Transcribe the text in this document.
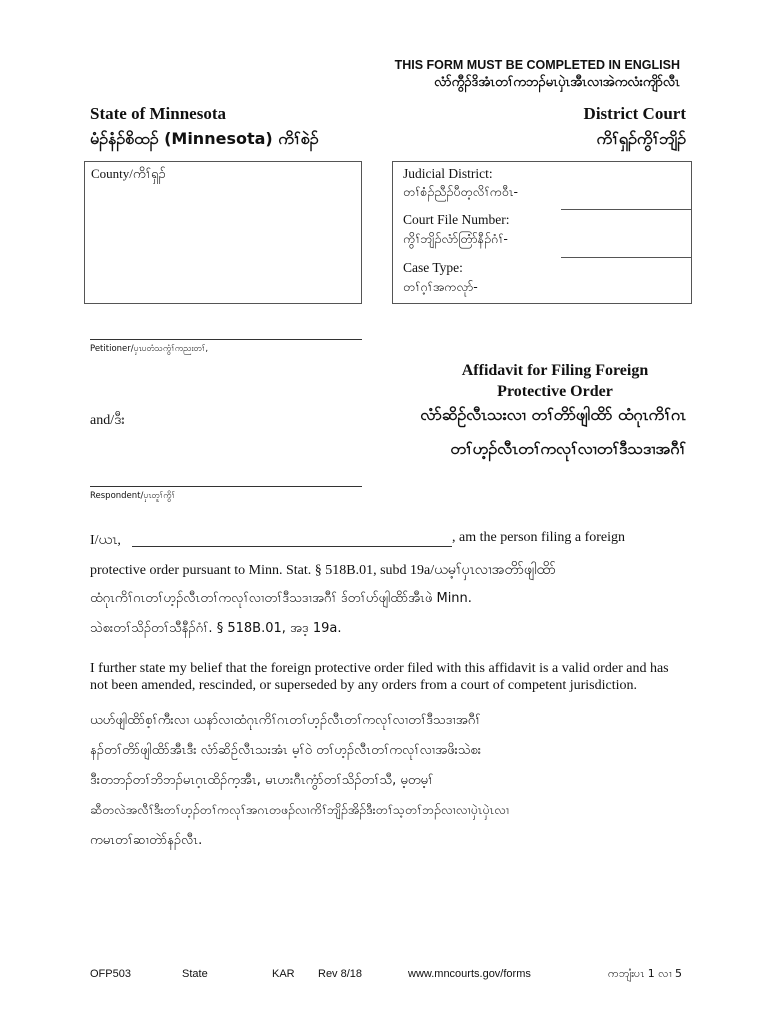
THIS FORM MUST BE COMPLETED IN ENGLISH
လံာ်ကွီၣ်ဒိအံၤတၢ်ကဘၣ်မၤပှဲၤအီၤလၢအဲကလံးကျိာ်လီၤ
State of Minnesota
မံၣ်နံၣ်စိထၣ် (Minnesota) ကိၢ်စဲၣ်
District Court
ကိၢ်ရှၣ်ကွိၢ်ဘျိၣ်
County/ကိၢ်ရှၣ်	Judicial District:
တၢ်စံၣ်ညီၣ်ပီတ့လိၢ်ကဝီၤ-
Court File Number:
ကွိၢ်ဘျိၣ်လံာ်တြံာ်နီၣ်ဂံၢ်-
Case Type:
တၢ်ဂ့ၢ်အကလုာ်-
Petitioner/ပှၤပတံသကွံၢ်ကညးတၢ်,
and/ဒီး
Respondent/ပှၤတူၢ်ကွိၢ်
Affidavit for Filing Foreign
Protective Order
လံာ်ဆိဉ်လီၤသးလၢ တၢ်တိာ်ဖျါထိာ် ထံဂုၤကိၢ်ဂၤ
တၢ်ဟ့ၣ်လီၤတၢ်ကလုၢ်လၢတၢ်ဒီသဒၢအဂီၢ်
I/ယၤ,	, am the person filing a foreign
protective order pursuant to Minn. Stat. § 518B.01, subd 19a/ယမ့ၢ်ပှၤလၢအတိာ်ဖျါထိာ်
ထံဂုၤကိၢ်ဂၤတၢ်ဟ့ၣ်လီၤတၢ်ကလုၢ်လၢတၢ်ဒီသဒၢအဂီၢ် ဒ်တၢ်ဟ်ဖျါထိာ်အီၤဖဲ Minn.
သဲစးတၢ်သိၣ်တၢ်သီနီၣ်ဂံၢ်. § 518B.01, အဒ့ 19a.
I further state my belief that the foreign protective order filed with this affidavit is a valid order and has not been amended, rescinded, or superseded by any orders from a court of competent jurisdiction.
ယဟ်ဖျါထိာ်စ့ၢ်ကီးလၢ ယနာ်လၢထံဂုၤကိၢ်ဂၤတၢ်ဟ့ၣ်လီၤတၢ်ကလုၢ်လၢတၢ်ဒီသဒၢအဂီၢ်
နၣ်တၢ်တိာ်ဖျါထိာ်အီၤဒီး လံာ်ဆိဉ်လီၤသးအံၤ မ့ၢ်ဝဲ တၢ်ဟ့ၣ်လီၤတၢ်ကလုၢ်လၢအဖိးသဲစး
ဒီးတဘၣ်တၢ်ဘိဘၣ်မၤဂ့ၤထိၣ်က့အီၤ, မၤဟးဂီၤကွံာ်တၢ်သိၣ်တၢ်သီ, မ့တမ့ၢ်
ဆီတလဲအလီၢ်ဒီးတၢ်ဟ့ၣ်တၢ်ကလုၢ်အဂၤတဖၣ်လၢကိၢ်ဘျိၣ်အိၣ်ဒီးတၢ်သ့တၢ်ဘၣ်လၢလၢပှဲၤပှဲၤလၢ
ကမၤတၢ်ဆၢတဲာ်နၣ်လီၤ.
OFP503	State	KAR Rev 8/18	www.mncourts.gov/forms	ကဘျံးပၤ 1 လၢ 5
